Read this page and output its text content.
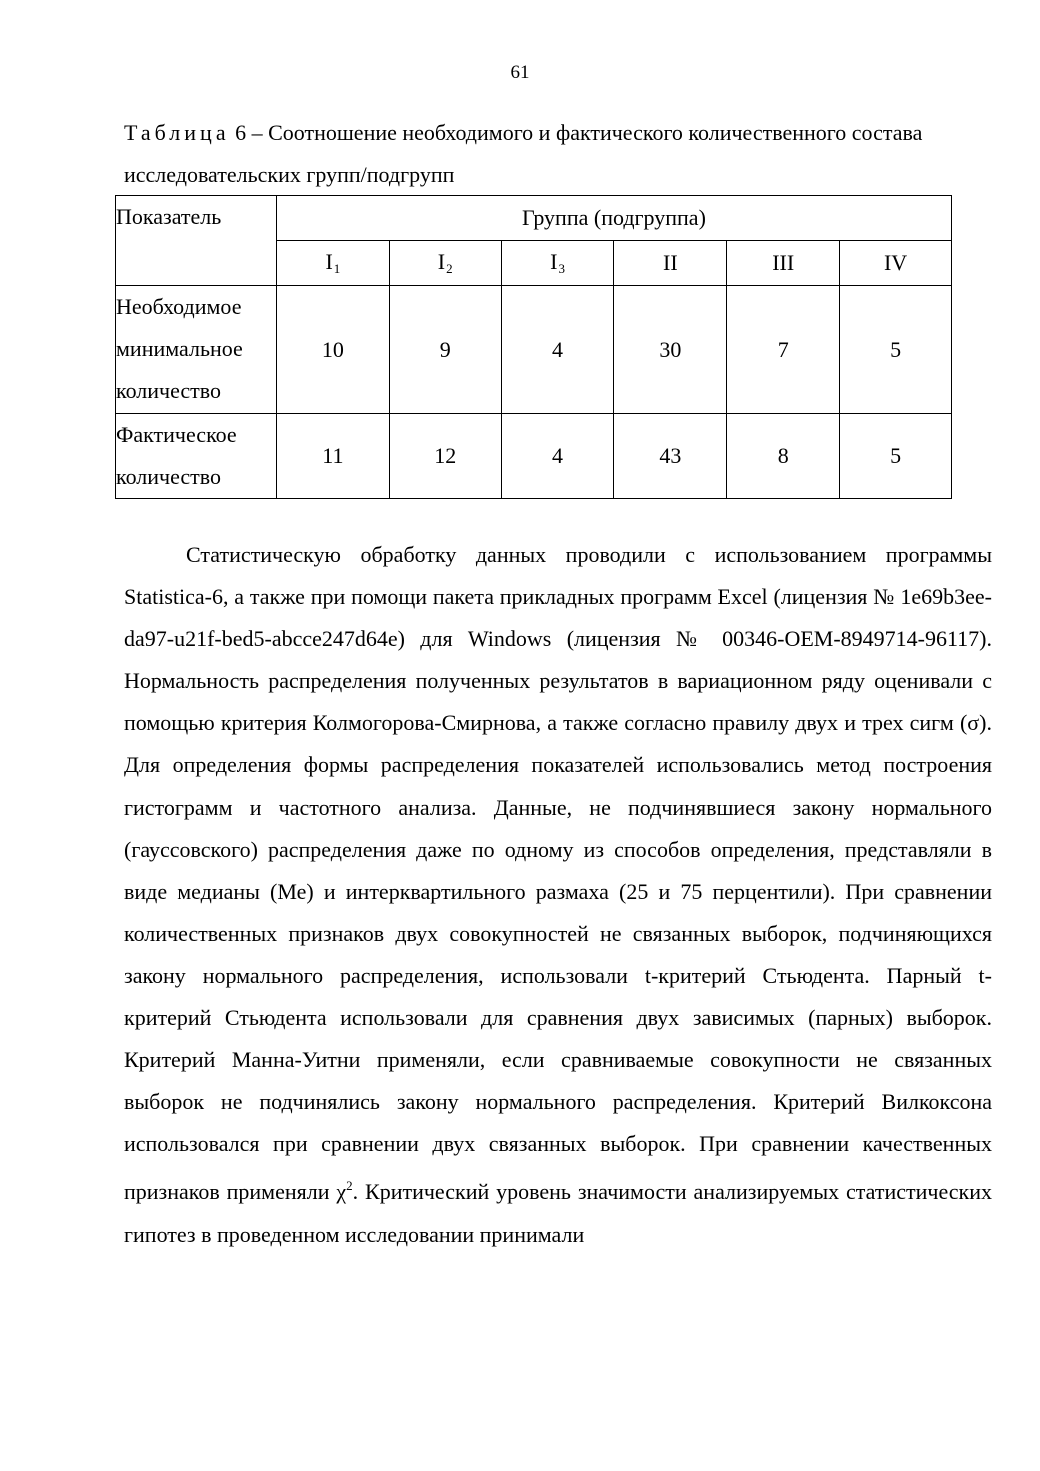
61
Таблица 6 – Соотношение необходимого и фактического количественного состава исследовательских групп/подгрупп
Показатель	Группа (подгруппа)					
	$I_1$	$I_2$	$I_3$	II	III	IV
Необходимое минимальное количество	10	9	4	30	7	5
Фактическое количество	11	12	4	43	8	5

Статистическую обработку данных проводили с использованием программы Statistica-6, а также при помощи пакета прикладных программ Excel (лицензия № 1e69b3ee-da97-u21f-bed5-abcce247d64e) для Windows (лицензия № 00346-OEM-8949714-96117). Нормальность распределения полученных результатов в вариационном ряду оценивали с помощью критерия Колмогорова-Смирнова, а также согласно правилу двух и трех сигм (σ). Для определения формы распределения показателей использовались метод построения гистограмм и частотного анализа. Данные, не подчинявшиеся закону нормального (гауссовского) распределения даже по одному из способов определения, представляли в виде медианы (Ме) и интерквартильного размаха (25 и 75 перцентили). При сравнении количественных признаков двух совокупностей не связанных выборок, подчиняющихся закону нормального распределения, использовали t-критерий Стьюдента. Парный t-критерий Стьюдента использовали для сравнения двух зависимых (парных) выборок. Критерий Манна-Уитни применяли, если сравниваемые совокупности не связанных выборок не подчинялись закону нормального распределения. Критерий Вилкоксона использовался при сравнении двух связанных выборок. При сравнении качественных признаков применяли $\chi^2$. Критический уровень значимости анализируемых статистических гипотез в проведенном исследовании принимали
